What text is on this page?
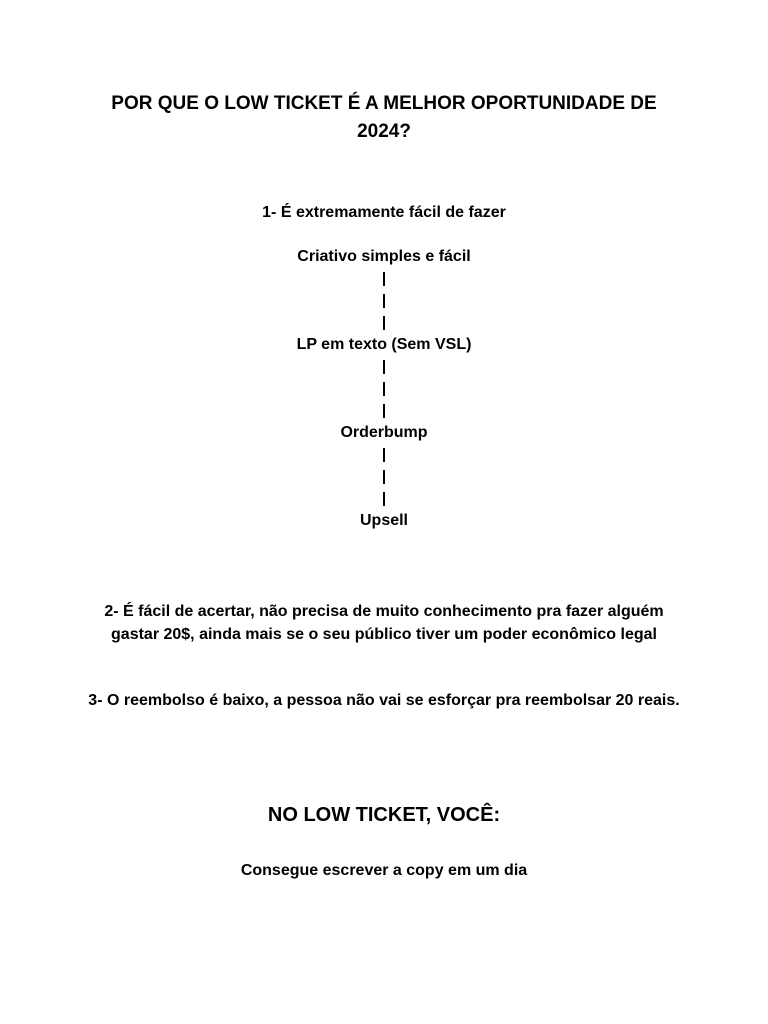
POR QUE O LOW TICKET É A MELHOR OPORTUNIDADE DE 2024?
1- É extremamente fácil de fazer
Criativo simples e fácil
LP em texto (Sem VSL)
Orderbump
Upsell
2- É fácil de acertar, não precisa de muito conhecimento pra fazer alguém gastar 20$, ainda mais se o seu público tiver um poder econômico legal
3- O reembolso é baixo, a pessoa não vai se esforçar pra reembolsar 20 reais.
NO LOW TICKET, VOCÊ:
Consegue escrever a copy em um dia
